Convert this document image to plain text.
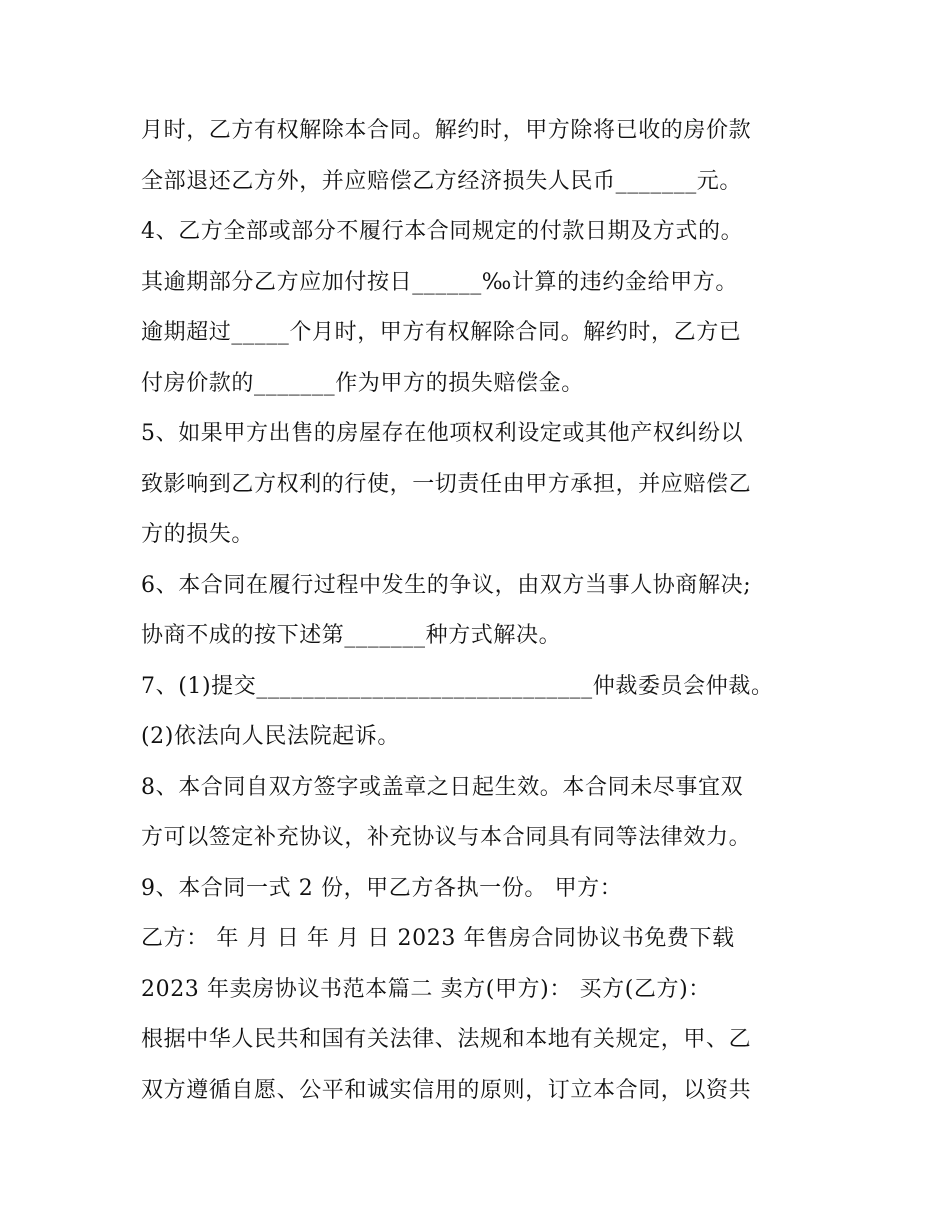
月时，乙方有权解除本合同。解约时，甲方除将已收的房价款
全部退还乙方外，并应赔偿乙方经济损失人民币_______元。
4、乙方全部或部分不履行本合同规定的付款日期及方式的。
其逾期部分乙方应加付按日______‰计算的违约金给甲方。
逾期超过_____个月时，甲方有权解除合同。解约时，乙方已
付房价款的_______作为甲方的损失赔偿金。
5、如果甲方出售的房屋存在他项权利设定或其他产权纠纷以
致影响到乙方权利的行使，一切责任由甲方承担，并应赔偿乙
方的损失。
6、本合同在履行过程中发生的争议，由双方当事人协商解决;
协商不成的按下述第_______种方式解决。
7、(1)提交_____________________________仲裁委员会仲裁。
(2)依法向人民法院起诉。
8、本合同自双方签字或盖章之日起生效。本合同未尽事宜双
方可以签定补充协议，补充协议与本合同具有同等法律效力。
9、本合同一式 2 份，甲乙方各执一份。 甲方：
乙方： 年 月 日 年 月 日 2023 年售房合同协议书免费下载
2023 年卖房协议书范本篇二 卖方(甲方)： 买方(乙方)：
根据中华人民共和国有关法律、法规和本地有关规定，甲、乙
双方遵循自愿、公平和诚实信用的原则，订立本合同，以资共
